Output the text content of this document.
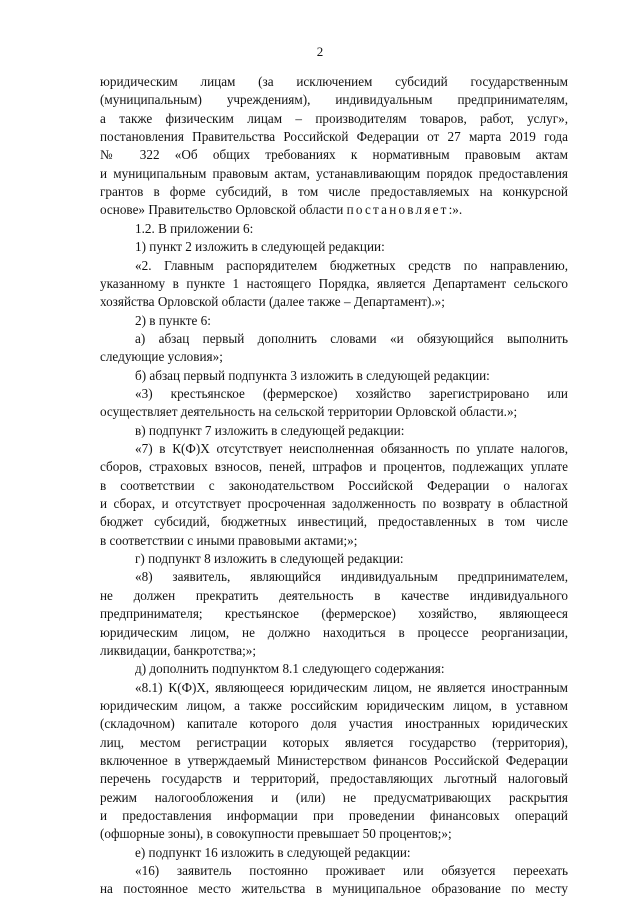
2
юридическим лицам (за исключением субсидий государственным
(муниципальным) учреждениям), индивидуальным предпринимателям,
а также физическим лицам – производителям товаров, работ, услуг»,
постановления Правительства Российской Федерации от 27 марта 2019 года
№ 322 «Об общих требованиях к нормативным правовым актам
и муниципальным правовым актам, устанавливающим порядок предоставления
грантов в форме субсидий, в том числе предоставляемых на конкурсной
основе» Правительство Орловской области постановляет:».
1.2. В приложении 6:
1) пункт 2 изложить в следующей редакции:
«2. Главным распорядителем бюджетных средств по направлению,
указанному в пункте 1 настоящего Порядка, является Департамент сельского
хозяйства Орловской области (далее также – Департамент).»;
2) в пункте 6:
а) абзац первый дополнить словами «и обязующийся выполнить
следующие условия»;
б) абзац первый подпункта 3 изложить в следующей редакции:
«3) крестьянское (фермерское) хозяйство зарегистрировано или
осуществляет деятельность на сельской территории Орловской области.»;
в) подпункт 7 изложить в следующей редакции:
«7) в К(Ф)Х отсутствует неисполненная обязанность по уплате налогов,
сборов, страховых взносов, пеней, штрафов и процентов, подлежащих уплате
в соответствии с законодательством Российской Федерации о налогах
и сборах, и отсутствует просроченная задолженность по возврату в областной
бюджет субсидий, бюджетных инвестиций, предоставленных в том числе
в соответствии с иными правовыми актами;»;
г) подпункт 8 изложить в следующей редакции:
«8) заявитель, являющийся индивидуальным предпринимателем,
не должен прекратить деятельность в качестве индивидуального
предпринимателя; крестьянское (фермерское) хозяйство, являющееся
юридическим лицом, не должно находиться в процессе реорганизации,
ликвидации, банкротства;»;
д) дополнить подпунктом 8.1 следующего содержания:
«8.1) К(Ф)Х, являющееся юридическим лицом, не является иностранным
юридическим лицом, а также российским юридическим лицом, в уставном
(складочном) капитале которого доля участия иностранных юридических
лиц, местом регистрации которых является государство (территория),
включенное в утверждаемый Министерством финансов Российской Федерации
перечень государств и территорий, предоставляющих льготный налоговый
режим налогообложения и (или) не предусматривающих раскрытия
и предоставления информации при проведении финансовых операций
(офшорные зоны), в совокупности превышает 50 процентов;»;
е) подпункт 16 изложить в следующей редакции:
«16) заявитель постоянно проживает или обязуется переехать
на постоянное место жительства в муниципальное образование по месту
